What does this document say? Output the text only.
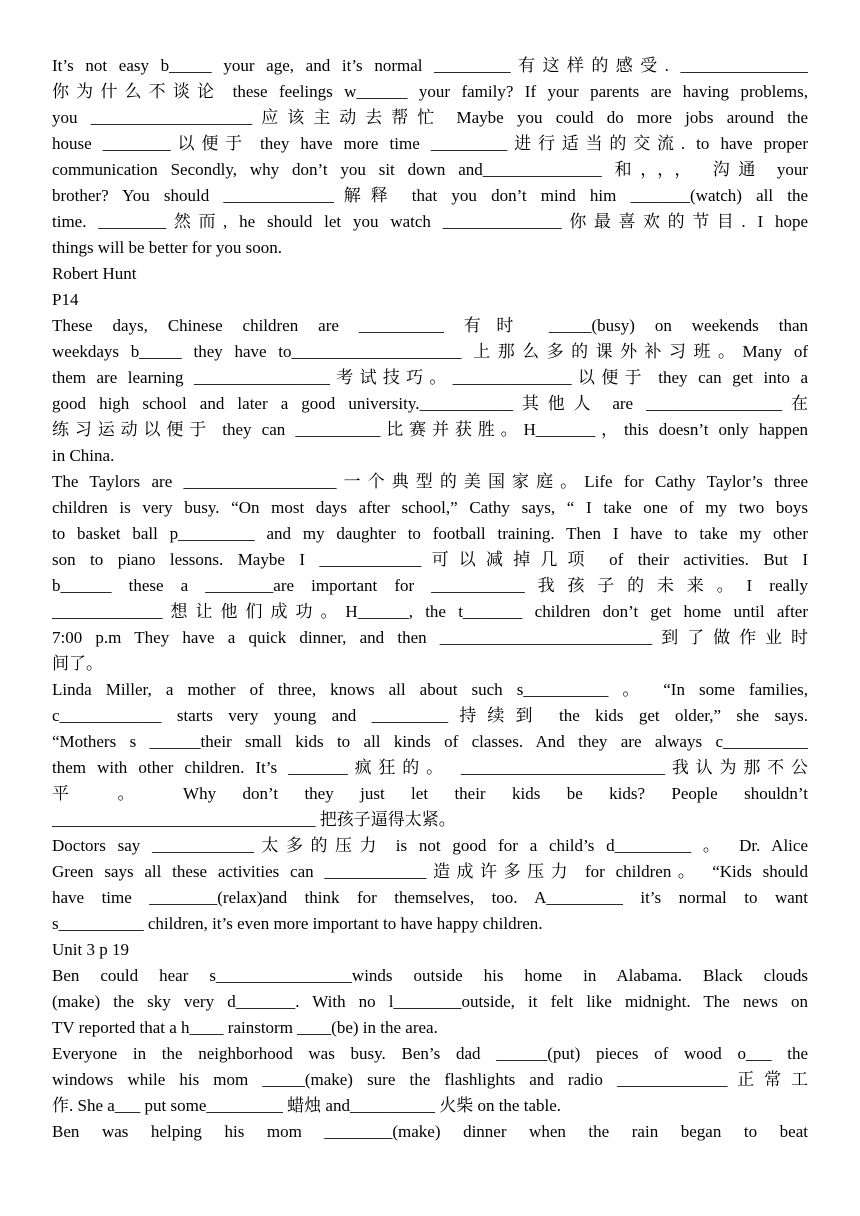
It’s not easy b_____ your age, and it’s normal _________有这样的感受. _______________
你为什么不谈论 these feelings w______ your family? If your parents are having problems,
you ___________________应该主动去帮忙 Maybe you could do more jobs around the
house ________以便于 they have more time _________进行适当的交流. to have proper
communication Secondly, why don’t you sit down and______________ 和，，， 沟通 your
brother? You should _____________解释 that you don’t mind him _______(watch) all the
time. ________然而, he should let you watch ______________你最喜欢的节目. I hope
things will be better for you soon.
Robert Hunt
P14
These days, Chinese children are __________ 有时 _____(busy) on weekends than
weekdays b_____ they have to____________________ 上那么多的课外补习班。Many of
them are learning ________________考试技巧。______________以便于 they can get into a
good high school and later a good university.___________其他人 are ________________在
练习运动以便于 they can __________比赛并获胜。H_______，this doesn’t only happen
in China.
The Taylors are __________________一个典型的美国家庭。Life for Cathy Taylor’s three
children is very busy. “On most days after school,” Cathy says, “ I take one of my two boys
to basket ball p_________ and my daughter to football training. Then I have to take my other
son to piano lessons. Maybe I ____________可以减掉几项 of their activities. But I
b______ these a ________are important for ___________我孩子的未来。I really
_____________想让他们成功。H______, the t_______ children don’t get home until after
7:00 p.m They have a quick dinner, and then _________________________到了做作业时
间了。
Linda Miller, a mother of three, knows all about such s__________ 。 “In some families,
c____________ starts very young and _________持续到 the kids get older,” she says.
“Mothers s ______their small kids to all kinds of classes. And they are always c__________
them with other children. It’s _______疯狂的。 ________________________我认为那不公
平 。 Why don’t they just let their kids be kids? People shouldn’t
_______________________________ 把孩子逼得太紧。
Doctors say ____________太多的压力 is not good for a child’s d_________ 。 Dr. Alice
Green says all these activities can ____________造成许多压力 for children。 “Kids should
have time ________(relax)and think for themselves, too. A_________ it’s normal to want
s__________ children, it’s even more important to have happy children.
Unit 3 p 19
Ben could hear s________________winds outside his home in Alabama. Black clouds
(make) the sky very d_______. With no l________outside, it felt like midnight. The news on
TV reported that a h____ rainstorm ____(be) in the area.
Everyone in the neighborhood was busy. Ben’s dad ______(put) pieces of wood o___ the
windows while his mom _____(make) sure the flashlights and radio _____________正常工
作. She a___ put some_________ 蜡烛 and__________ 火柴 on the table.
Ben was helping his mom ________(make) dinner when the rain began to beat
